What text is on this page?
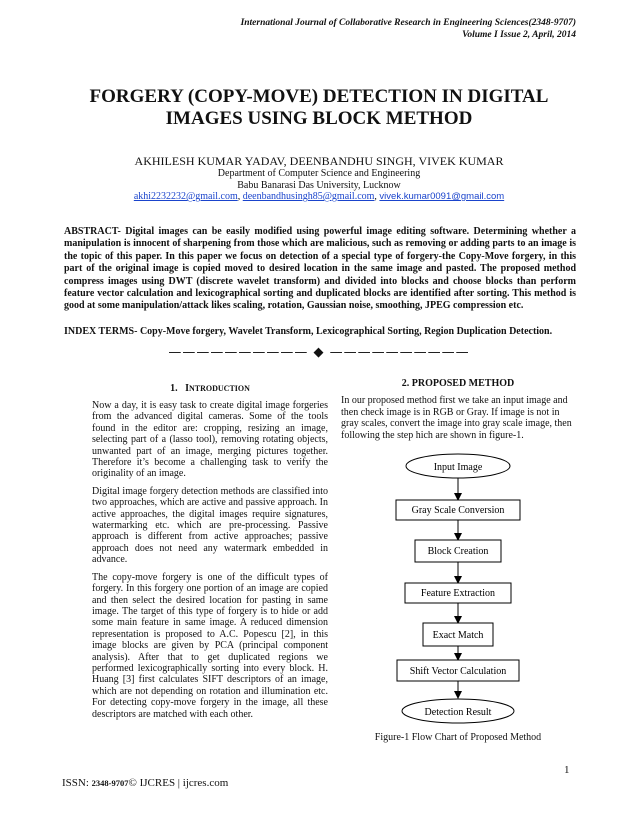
International Journal of Collaborative Research in Engineering Sciences(2348-9707)
Volume I Issue 2, April, 2014
FORGERY (COPY-MOVE) DETECTION IN DIGITAL
IMAGES USING BLOCK METHOD
AKHILESH KUMAR YADAV, DEENBANDHU SINGH, VIVEK KUMAR
Department of Computer Science and Engineering
Babu Banarasi Das University, Lucknow
akhi2232232@gmail.com, deenbandhusingh85@gmail.com, vivek.kumar0091@gmail.com

ABSTRACT- Digital images can be easily modified using powerful image editing software. Determining whether a manipulation is innocent of sharpening from those which are malicious, such as removing or adding parts to an image is the topic of this paper. In this paper we focus on detection of a special type of forgery-the Copy-Move forgery, in this part of the original image is copied moved to desired location in the same image and pasted. The proposed method compress images using DWT (discrete wavelet transform) and divided into blocks and choose blocks than perform feature vector calculation and lexicographical sorting and duplicated blocks are identified after sorting. This method is good at some manipulation/attack likes scaling, rotation, Gaussian noise, smoothing, JPEG compression etc.

INDEX TERMS- Copy-Move forgery, Wavelet Transform, Lexicographical Sorting, Region Duplication Detection.

—————————— ◆ ——————————
1. INTRODUCTION

Now a day, it is easy task to create digital image forgeries from the advanced digital cameras. Some of the tools found in the editor are: cropping, resizing an image, selecting part of a (lasso tool), removing rotating objects, unwanted part of an image, merging pictures together. Therefore it’s become a challenging task to verify the originality of an image.

Digital image forgery detection methods are classified into two approaches, which are active and passive approach. In active approaches, the digital images require signatures, watermarking etc. which are pre-processing. Passive approach is different from active approaches; passive approach does not need any watermark embedded in advance.

The copy-move forgery is one of the difficult types of forgery. In this forgery one portion of an image are copied and then select the desired location for pasting in same image. The target of this type of forgery is to hide or add some main feature in same image. A reduced dimension representation is proposed to A.C. Popescu [2], in this image blocks are given by PCA (principal component analysis). After that to get duplicated regions we performed lexicographically sorting into every block. H. Huang [3] first calculates SIFT descriptors of an image, which are not depending on rotation and illumination etc. For detecting copy-move forgery in the image, all these descriptors are matched with each other.

2. PROPOSED METHOD

In our proposed method first we take an input image and then check image is in RGB or Gray. If image is not in gray scales, convert the image into gray scale image, then following the step hich are shown in figure-1.

Input Image
Gray Scale Conversion
Block Creation
Feature Extraction
Exact Match
Shift Vector Calculation
Detection Result
Figure-1 Flow Chart of Proposed Method
1
ISSN: 2348-9707© IJCRES | ijcres.com
